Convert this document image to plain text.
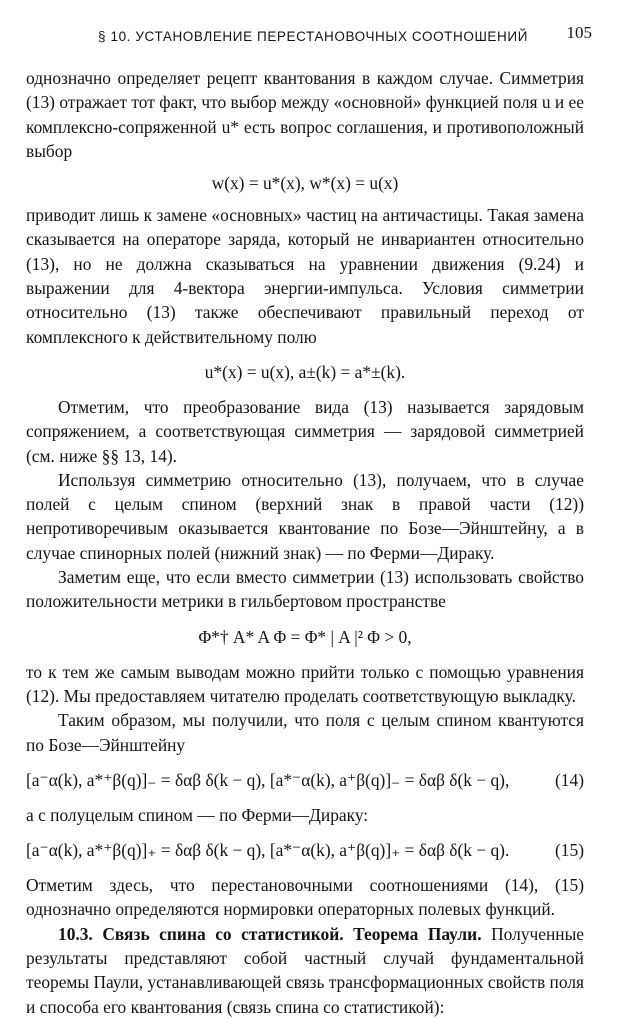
§ 10. УСТАНОВЛЕНИЕ ПЕРЕСТАНОВОЧНЫХ СООТНОШЕНИЙ 105

однозначно определяет рецепт квантования в каждом случае. Симметрия (13) отражает тот факт, что выбор между «основной» функцией поля u и ее комплексно-сопряженной u* есть вопрос соглашения, и противоположный выбор

w(x) = u*(x), w*(x) = u(x)

приводит лишь к замене «основных» частиц на античастицы. Такая замена сказывается на операторе заряда, который не инвариантен относительно (13), но не должна сказываться на уравнении движения (9.24) и выражении для 4-вектора энергии-импульса. Условия симметрии относительно (13) также обеспечивают правильный переход от комплексного к действительному полю

u*(x) = u(x), a±(k) = a*±(k).

Отметим, что преобразование вида (13) называется зарядовым сопряжением, а соответствующая симметрия — зарядовой симметрией (см. ниже §§ 13, 14).

Используя симметрию относительно (13), получаем, что в случае полей с целым спином (верхний знак в правой части (12)) непротиворечивым оказывается квантование по Бозе—Эйнштейну, а в случае спинорных полей (нижний знак) — по Ферми—Дираку.

Заметим еще, что если вместо симметрии (13) использовать свойство положительности метрики в гильбертовом пространстве

Φ*† A* A Φ = Φ* | A |² Φ > 0,

то к тем же самым выводам можно прийти только с помощью уравнения (12). Мы предоставляем читателю проделать соответствующую выкладку.

Таким образом, мы получили, что поля с целым спином квантуются по Бозе—Эйнштейну

[a⁻α(k), a*⁺β(q)]₋ = δαβ δ(k − q), [a*⁻α(k), a⁺β(q)]₋ = δαβ δ(k − q),	(14)

а с полуцелым спином — по Ферми—Дираку:

[a⁻α(k), a*⁺β(q)]₊ = δαβ δ(k − q), [a*⁻α(k), a⁺β(q)]₊ = δαβ δ(k − q).	(15)

Отметим здесь, что перестановочными соотношениями (14), (15) однозначно определяются нормировки операторных полевых функций.

10.3. Связь спина со статистикой. Теорема Паули. Полученные результаты представляют собой частный случай фундаментальной теоремы Паули, устанавливающей связь трансформационных свойств поля и способа его квантования (связь спина со статистикой):
